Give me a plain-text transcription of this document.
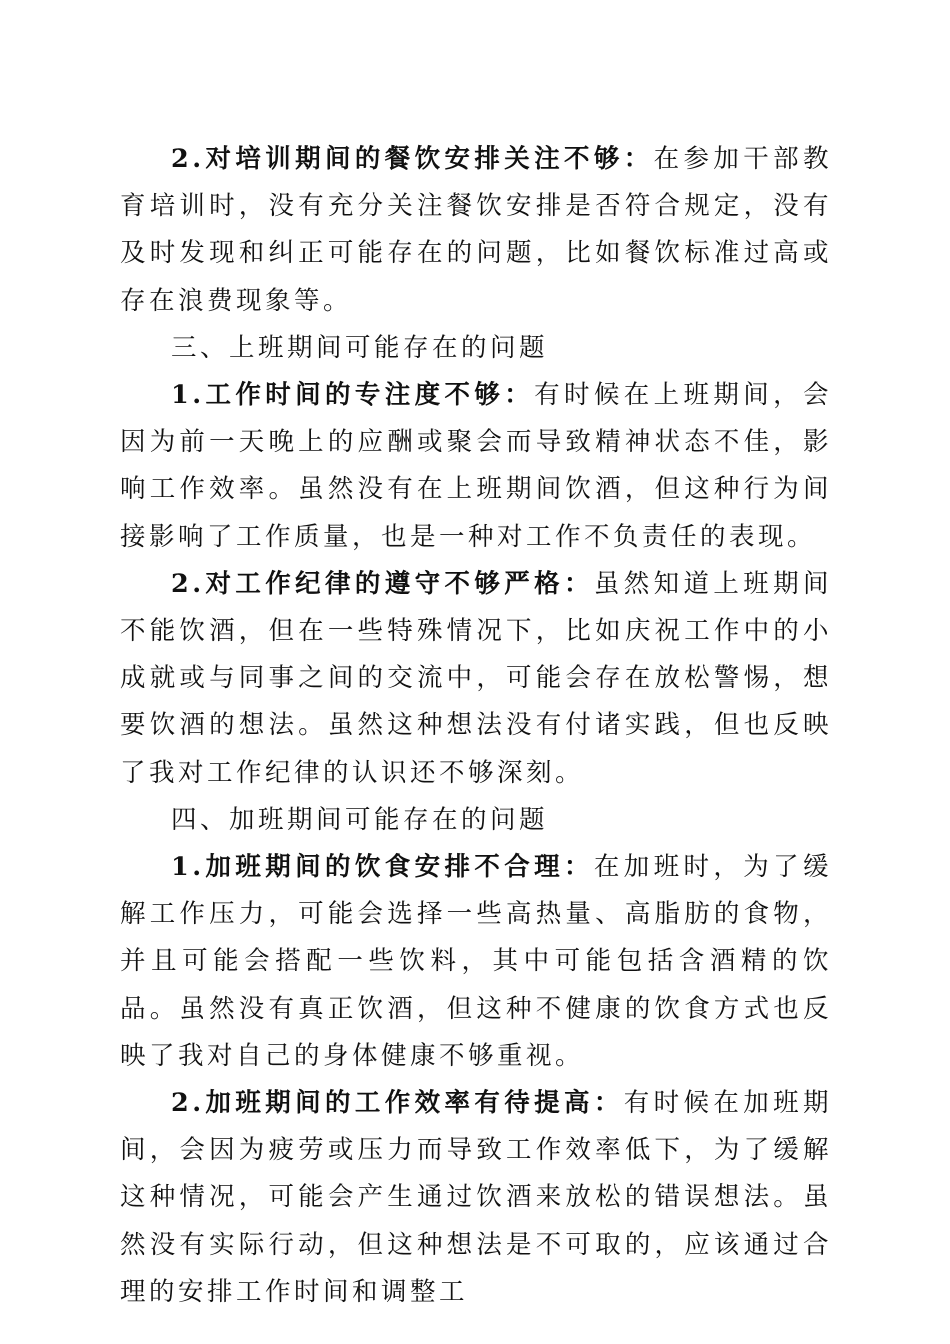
2.对培训期间的餐饮安排关注不够：在参加干部教育培训时，没有充分关注餐饮安排是否符合规定，没有及时发现和纠正可能存在的问题，比如餐饮标准过高或存在浪费现象等。

三、上班期间可能存在的问题

1.工作时间的专注度不够：有时候在上班期间，会因为前一天晚上的应酬或聚会而导致精神状态不佳，影响工作效率。虽然没有在上班期间饮酒，但这种行为间接影响了工作质量，也是一种对工作不负责任的表现。

2.对工作纪律的遵守不够严格：虽然知道上班期间不能饮酒，但在一些特殊情况下，比如庆祝工作中的小成就或与同事之间的交流中，可能会存在放松警惕，想要饮酒的想法。虽然这种想法没有付诸实践，但也反映了我对工作纪律的认识还不够深刻。

四、加班期间可能存在的问题

1.加班期间的饮食安排不合理：在加班时，为了缓解工作压力，可能会选择一些高热量、高脂肪的食物，并且可能会搭配一些饮料，其中可能包括含酒精的饮品。虽然没有真正饮酒，但这种不健康的饮食方式也反映了我对自己的身体健康不够重视。

2.加班期间的工作效率有待提高：有时候在加班期间，会因为疲劳或压力而导致工作效率低下，为了缓解这种情况，可能会产生通过饮酒来放松的错误想法。虽然没有实际行动，但这种想法是不可取的，应该通过合理的安排工作时间和调整工
